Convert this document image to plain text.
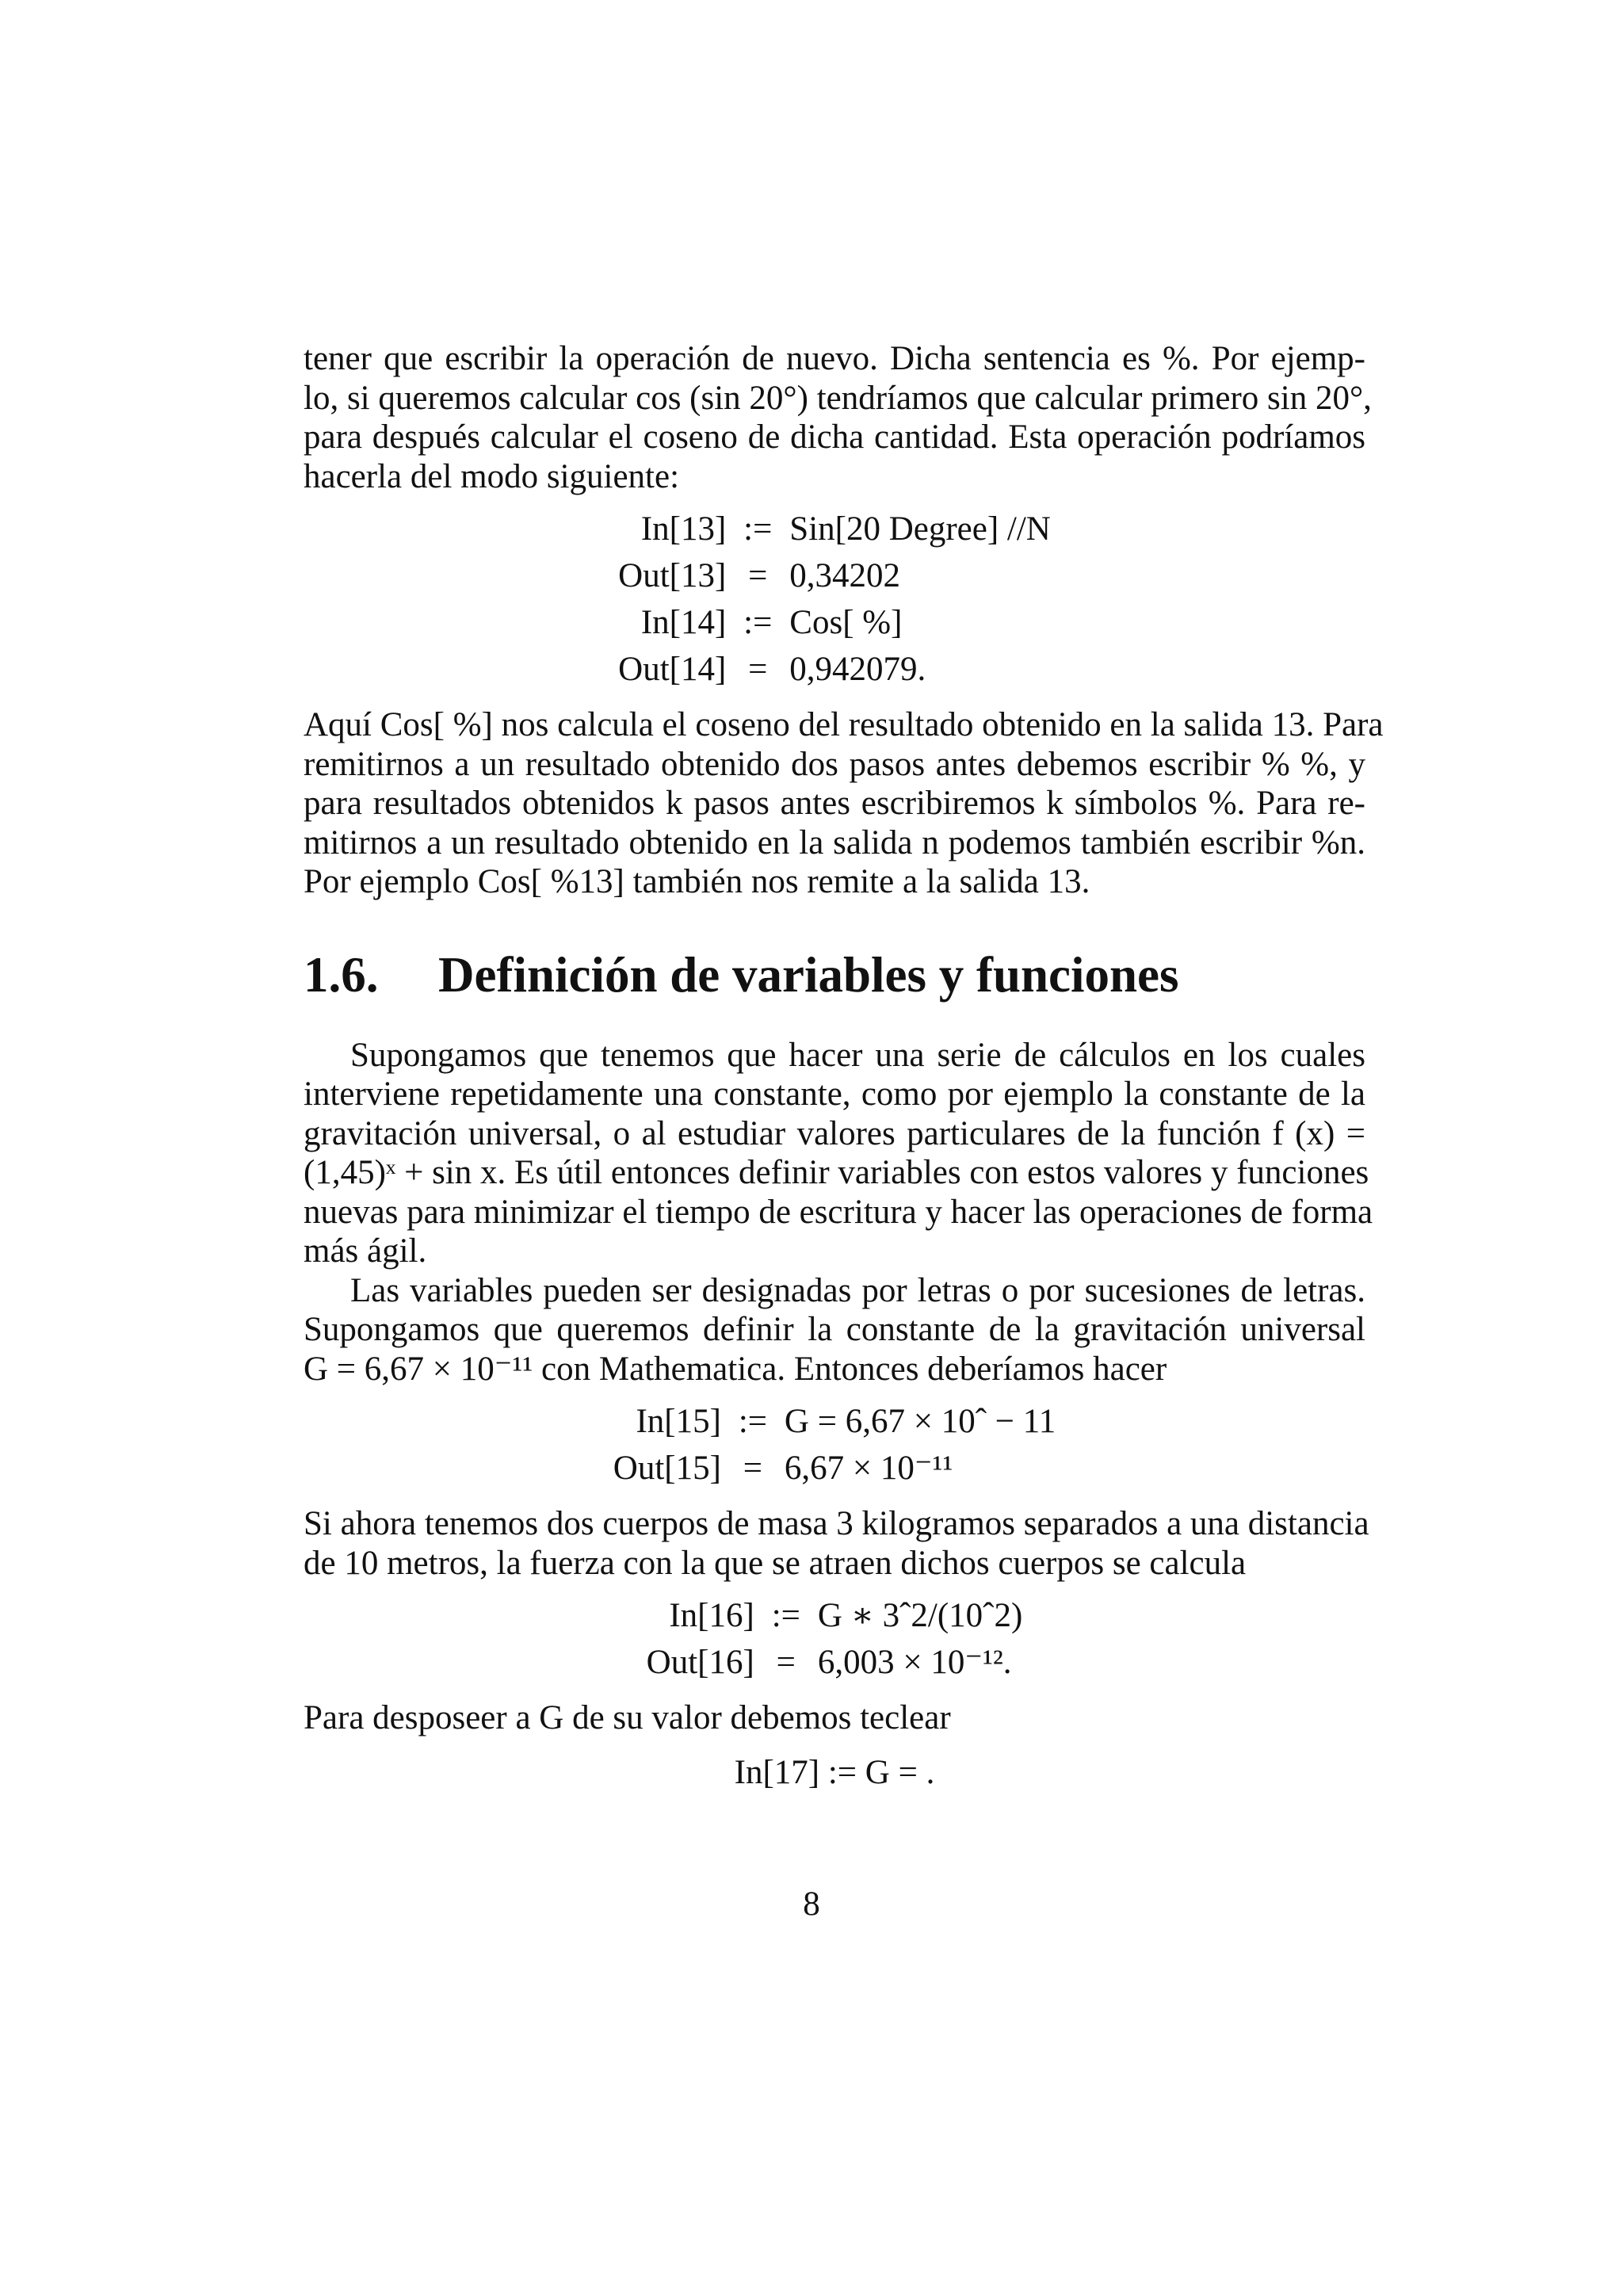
tener que escribir la operación de nuevo. Dicha sentencia es %. Por ejemp-
lo, si queremos calcular cos (sin 20°) tendríamos que calcular primero sin 20°,
para después calcular el coseno de dicha cantidad. Esta operación podríamos
hacerla del modo siguiente:

In[13] := Sin[20 Degree] //N
Out[13] = 0,34202
In[14] := Cos[ %]
Out[14] = 0,942079.

Aquí Cos[ %] nos calcula el coseno del resultado obtenido en la salida 13. Para
remitirnos a un resultado obtenido dos pasos antes debemos escribir % %, y
para resultados obtenidos k pasos antes escribiremos k símbolos %. Para re-
mitirnos a un resultado obtenido en la salida n podemos también escribir %n.
Por ejemplo Cos[ %13] también nos remite a la salida 13.

1.6. Definición de variables y funciones

Supongamos que tenemos que hacer una serie de cálculos en los cuales
interviene repetidamente una constante, como por ejemplo la constante de la
gravitación universal, o al estudiar valores particulares de la función f (x) =
(1,45)ˣ + sin x. Es útil entonces definir variables con estos valores y funciones
nuevas para minimizar el tiempo de escritura y hacer las operaciones de forma
más ágil.

Las variables pueden ser designadas por letras o por sucesiones de letras.
Supongamos que queremos definir la constante de la gravitación universal
G = 6,67 × 10⁻¹¹ con Mathematica. Entonces deberíamos hacer

In[15] := G = 6,67 × 10ˆ − 11
Out[15] = 6,67 × 10⁻¹¹

Si ahora tenemos dos cuerpos de masa 3 kilogramos separados a una distancia
de 10 metros, la fuerza con la que se atraen dichos cuerpos se calcula

In[16] := G ∗ 3ˆ2/(10ˆ2)
Out[16] = 6,003 × 10⁻¹².

Para desposeer a G de su valor debemos teclear

In[17] := G = .
8
